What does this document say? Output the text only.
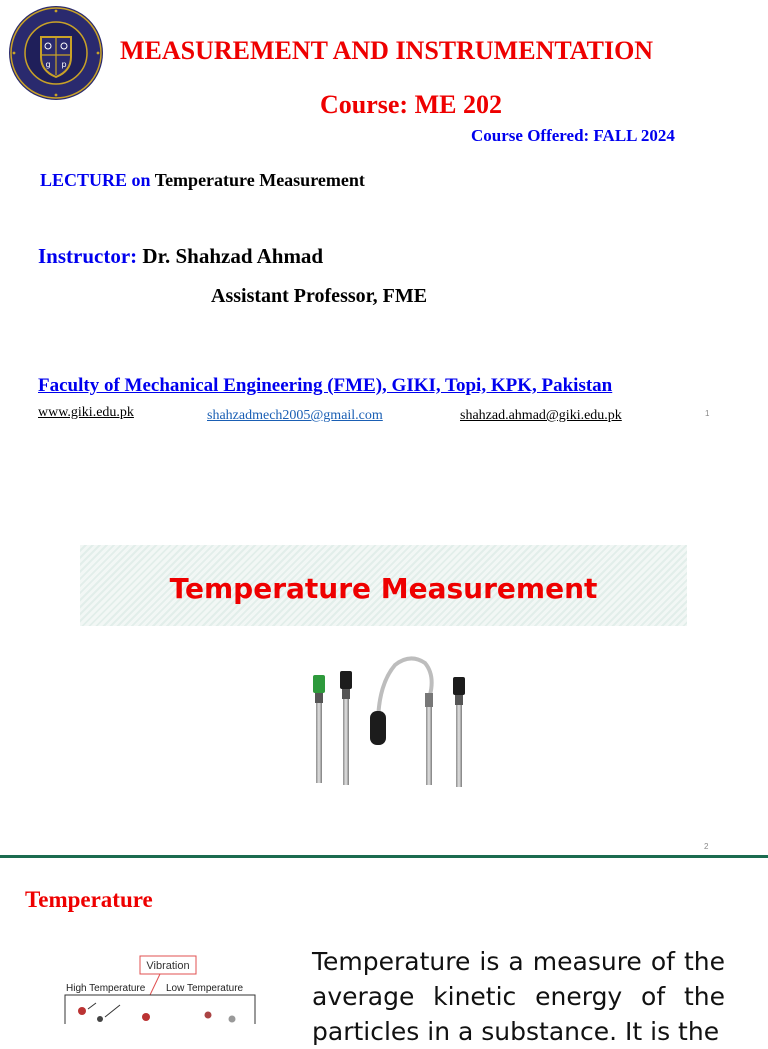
g p MEASUREMENT AND INSTRUMENTATION
Course: ME 202
Course Offered: FALL 2024
LECTURE on Temperature Measurement
Instructor: Dr. Shahzad Ahmad
Assistant Professor, FME
Faculty of Mechanical Engineering (FME), GIKI, Topi, KPK, Pakistan
www.giki.edu.pk	shahzadmech2005@gmail.com	shahzad.ahmad@giki.edu.pk	1
Temperature Measurement
2
Temperature
Vibration
High Temperature Low Temperature
Temperature is a measure of the average kinetic energy of the particles in a substance. It is the
